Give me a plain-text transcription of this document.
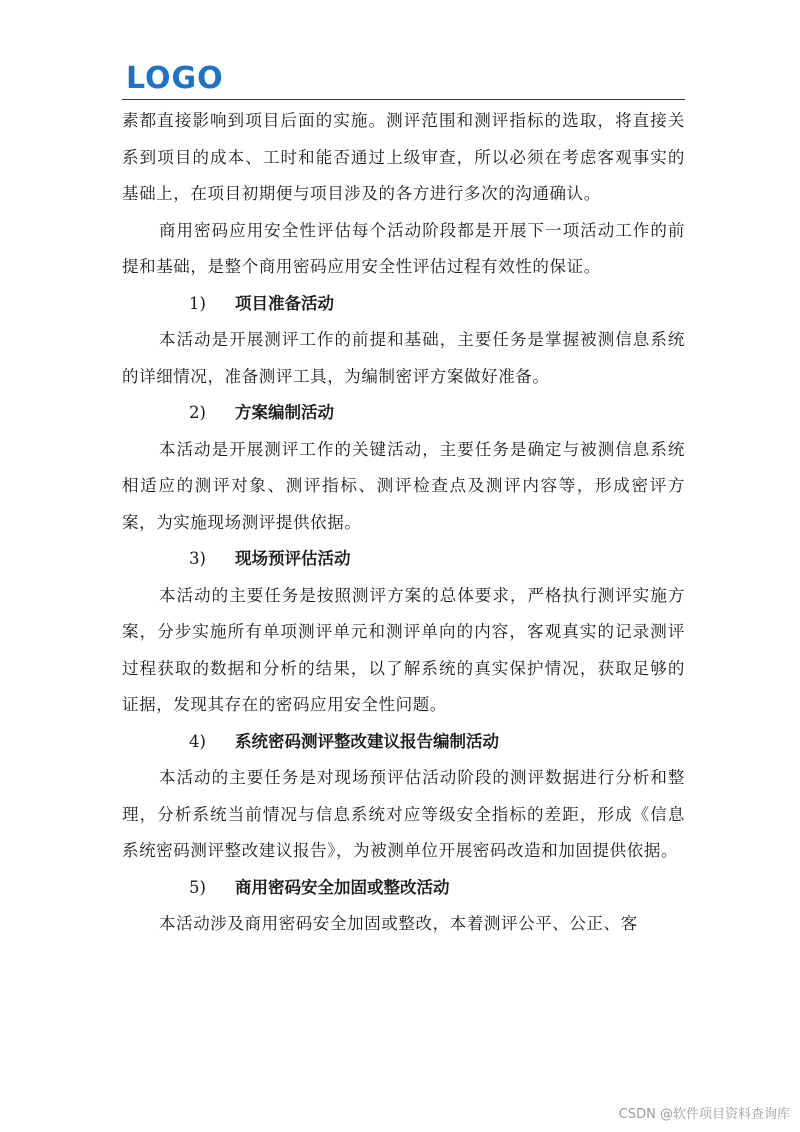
LOGO

素都直接影响到项目后面的实施。测评范围和测评指标的选取，将直接关系到项目的成本、工时和能否通过上级审查，所以必须在考虑客观事实的基础上，在项目初期便与项目涉及的各方进行多次的沟通确认。

商用密码应用安全性评估每个活动阶段都是开展下一项活动工作的前提和基础，是整个商用密码应用安全性评估过程有效性的保证。

1) 项目准备活动

本活动是开展测评工作的前提和基础，主要任务是掌握被测信息系统的详细情况，准备测评工具，为编制密评方案做好准备。

2) 方案编制活动

本活动是开展测评工作的关键活动，主要任务是确定与被测信息系统相适应的测评对象、测评指标、测评检查点及测评内容等，形成密评方案，为实施现场测评提供依据。

3) 现场预评估活动

本活动的主要任务是按照测评方案的总体要求，严格执行测评实施方案，分步实施所有单项测评单元和测评单向的内容，客观真实的记录测评过程获取的数据和分析的结果，以了解系统的真实保护情况，获取足够的证据，发现其存在的密码应用安全性问题。

4) 系统密码测评整改建议报告编制活动

本活动的主要任务是对现场预评估活动阶段的测评数据进行分析和整理，分析系统当前情况与信息系统对应等级安全指标的差距，形成《信息系统密码测评整改建议报告》，为被测单位开展密码改造和加固提供依据。

5) 商用密码安全加固或整改活动

本活动涉及商用密码安全加固或整改，本着测评公平、公正、客

CSDN @软件项目资料查询库
